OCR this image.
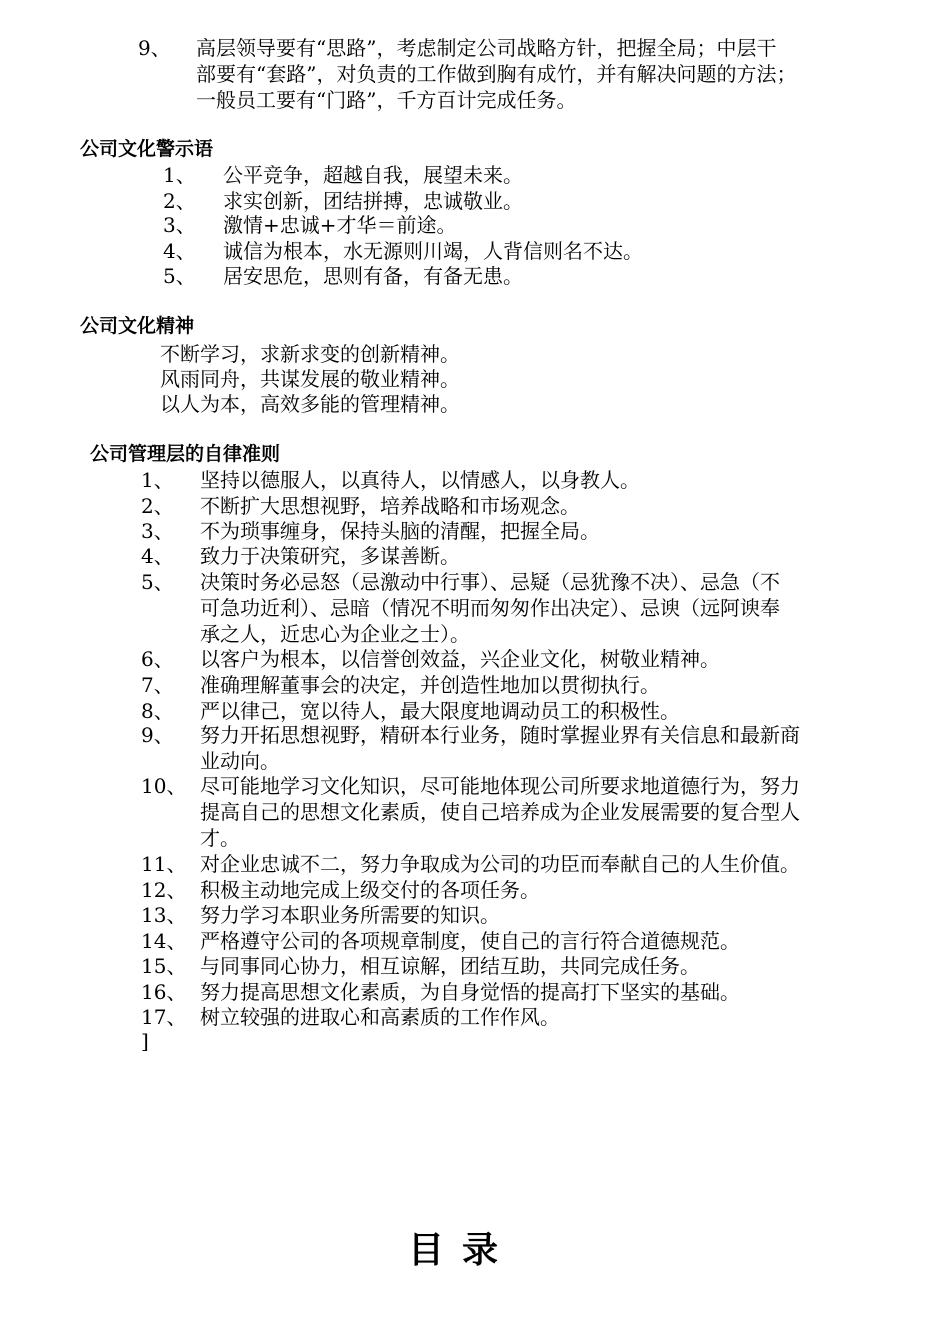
9、 高层领导要有“思路”，考虑制定公司战略方针，把握全局；中层干
部要有“套路”，对负责的工作做到胸有成竹，并有解决问题的方法；
一般员工要有“门路”，千方百计完成任务。
公司文化警示语
1、 公平竞争，超越自我，展望未来。
2、 求实创新，团结拼搏，忠诚敬业。
3、 激情+忠诚+才华＝前途。
4、 诚信为根本，水无源则川竭，人背信则名不达。
5、 居安思危，思则有备，有备无患。
公司文化精神
不断学习，求新求变的创新精神。
风雨同舟，共谋发展的敬业精神。
以人为本，高效多能的管理精神。
公司管理层的自律准则
1、 坚持以德服人，以真待人，以情感人，以身教人。
2、 不断扩大思想视野，培养战略和市场观念。
3、 不为琐事缠身，保持头脑的清醒，把握全局。
4、 致力于决策研究，多谋善断。
5、 决策时务必忌怒（忌激动中行事）、忌疑（忌犹豫不决）、忌急（不
可急功近利）、忌暗（情况不明而匆匆作出决定）、忌谀（远阿谀奉
承之人，近忠心为企业之士）。
6、 以客户为根本，以信誉创效益，兴企业文化，树敬业精神。
7、 准确理解董事会的决定，并创造性地加以贯彻执行。
8、 严以律己，宽以待人，最大限度地调动员工的积极性。
9、 努力开拓思想视野，精研本行业务，随时掌握业界有关信息和最新商
业动向。
10、 尽可能地学习文化知识，尽可能地体现公司所要求地道德行为，努力
提高自己的思想文化素质，使自己培养成为企业发展需要的复合型人
才。
11、 对企业忠诚不二，努力争取成为公司的功臣而奉献自己的人生价值。
12、 积极主动地完成上级交付的各项任务。
13、 努力学习本职业务所需要的知识。
14、 严格遵守公司的各项规章制度，使自己的言行符合道德规范。
15、 与同事同心协力，相互谅解，团结互助，共同完成任务。
16、 努力提高思想文化素质，为自身觉悟的提高打下坚实的基础。
17、 树立较强的进取心和高素质的工作作风。
]
目录
